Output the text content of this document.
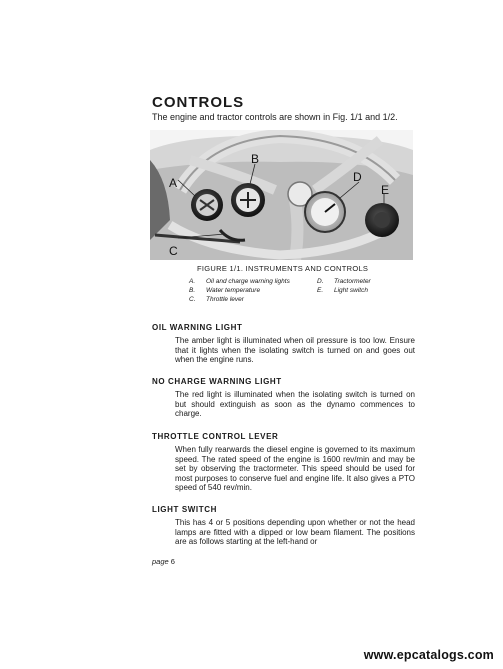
CONTROLS
The engine and tractor controls are shown in Fig. 1/1 and 1/2.
A
B
C
D
E
FIGURE 1/1. INSTRUMENTS AND CONTROLS
A.	Oil and charge warning lights	D.	Tractormeter
B.	Water temperature	E.	Light switch
C.	Throttle lever
OIL WARNING LIGHT
The amber light is illuminated when oil pressure is too low. Ensure that it lights when the isolating switch is turned on and goes out when the engine runs.
NO CHARGE WARNING LIGHT
The red light is illuminated when the isolating switch is turned on but should extinguish as soon as the dynamo commences to charge.
THROTTLE CONTROL LEVER
When fully rearwards the diesel engine is governed to its maximum speed. The rated speed of the engine is 1600 rev/min and may be set by observing the tractormeter. This speed should be used for most purposes to conserve fuel and engine life. It also gives a PTO speed of 540 rev/min.
LIGHT SWITCH
This has 4 or 5 positions depending upon whether or not the head lamps are fitted with a dipped or low beam filament. The positions are as follows starting at the left-hand or
page 6
www.epcatalogs.com
